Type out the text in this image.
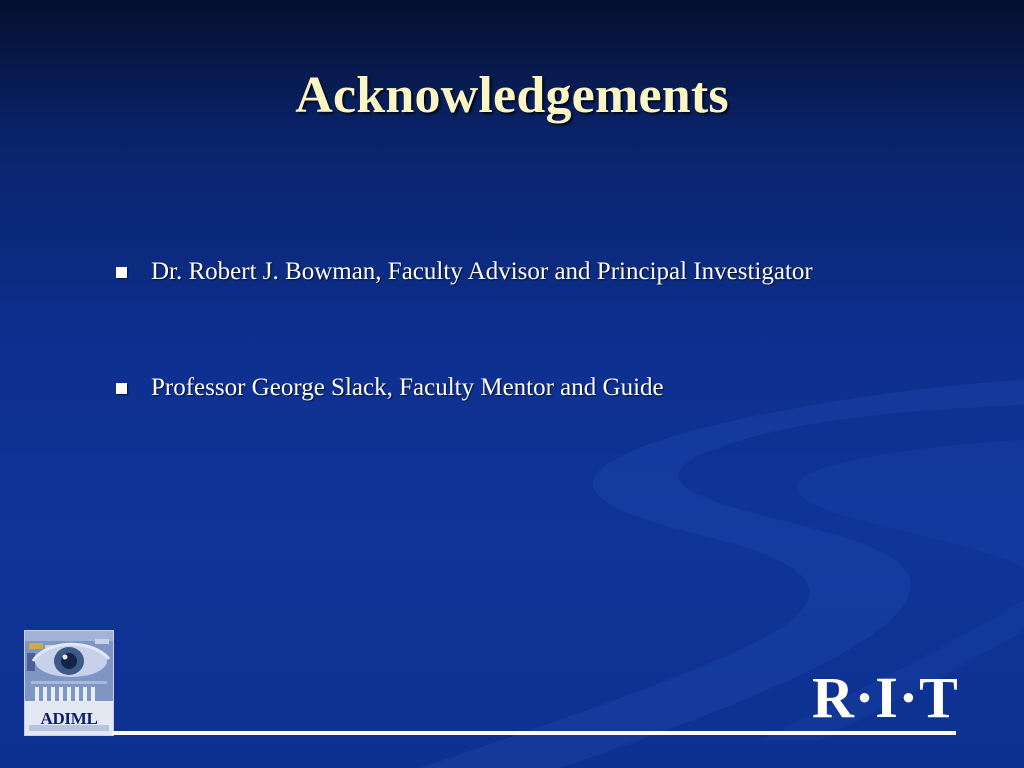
Acknowledgements
Dr. Robert J. Bowman, Faculty Advisor and Principal Investigator
Professor George Slack, Faculty Mentor and Guide
ADIML	R·I·T
